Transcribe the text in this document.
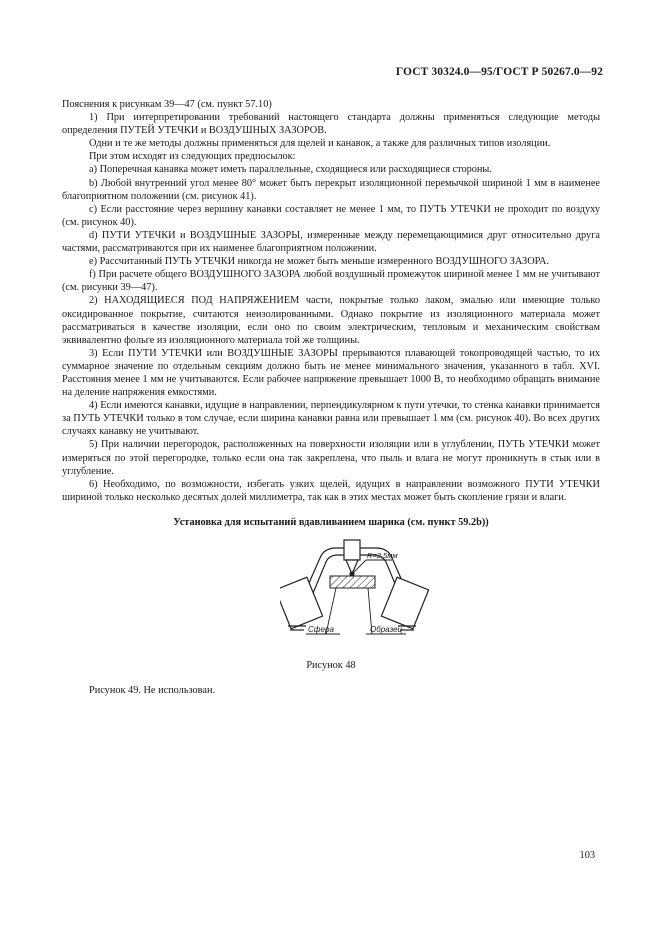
ГОСТ 30324.0—95/ГОСТ Р 50267.0—92

Пояснения к рисункам 39—47 (см. пункт 57.10)

1) При интерпретировании требований настоящего стандарта должны применяться следующие методы определения ПУТЕЙ УТЕЧКИ и ВОЗДУШНЫХ ЗАЗОРОВ.

Одни и те же методы должны применяться для щелей и канавок, а также для различных типов изоляции.

При этом исходят из следующих предпосылок:

а) Поперечная канавка может иметь параллельные, сходящиеся или расходящиеся стороны.

b) Любой внутренний угол менее 80° может быть перекрыт изоляционной перемычкой шириной 1 мм в наименее благоприятном положении (см. рисунок 41).

с) Если расстояние через вершину канавки составляет не менее 1 мм, то ПУТЬ УТЕЧКИ не проходит по воздуху (см. рисунок 40).

d) ПУТИ УТЕЧКИ и ВОЗДУШНЫЕ ЗАЗОРЫ, измеренные между перемещающимися друг относительно друга частями, рассматриваются при их наименее благоприятном положении.

е) Рассчитанный ПУТЬ УТЕЧКИ никогда не может быть меньше измеренного ВОЗДУШНОГО ЗАЗОРА.

f) При расчете общего ВОЗДУШНОГО ЗАЗОРА любой воздушный промежуток шириной менее 1 мм не учитывают (см. рисунки 39—47).

2) НАХОДЯЩИЕСЯ ПОД НАПРЯЖЕНИЕМ части, покрытые только лаком, эмалью или имеющие только оксидированное покрытие, считаются неизолированными. Однако покрытие из изоляционного материала может рассматриваться в качестве изоляции, если оно по своим электрическим, тепловым и механическим свойствам эквивалентно фольге из изоляционного материала той же толщины.

3) Если ПУТИ УТЕЧКИ или ВОЗДУШНЫЕ ЗАЗОРЫ прерываются плавающей токопроводящей частью, то их суммарное значение по отдельным секциям должно быть не менее минимального значения, указанного в табл. XVI. Расстояния менее 1 мм не учитываются. Если рабочее напряжение превышает 1000 В, то необходимо обращать внимание на деление напряжения емкостями.

4) Если имеются канавки, идущие в направлении, перпендикулярном к пути утечки, то стенка канавки принимается за ПУТЬ УТЕЧКИ только в том случае, если ширина канавки равна или превышает 1 мм (см. рисунок 40). Во всех других случаях канавку не учитывают.

5) При наличии перегородок, расположенных на поверхности изоляции или в углублении, ПУТЬ УТЕЧКИ может измеряться по этой перегородке, только если она так закреплена, что пыль и влага не могут проникнуть в стык или в углубление.

6) Необходимо, по возможности, избегать узких щелей, идущих в направлении возможного ПУТИ УТЕЧКИ шириной только несколько десятых долей миллиметра, так как в этих местах может быть скопление грязи и влаги.

Установка для испытаний вдавливанием шарика (см. пункт 59.2b))
R=2,5мм
Сфера	Образец
Рисунок 48
Рисунок 49. Не использован.
103
